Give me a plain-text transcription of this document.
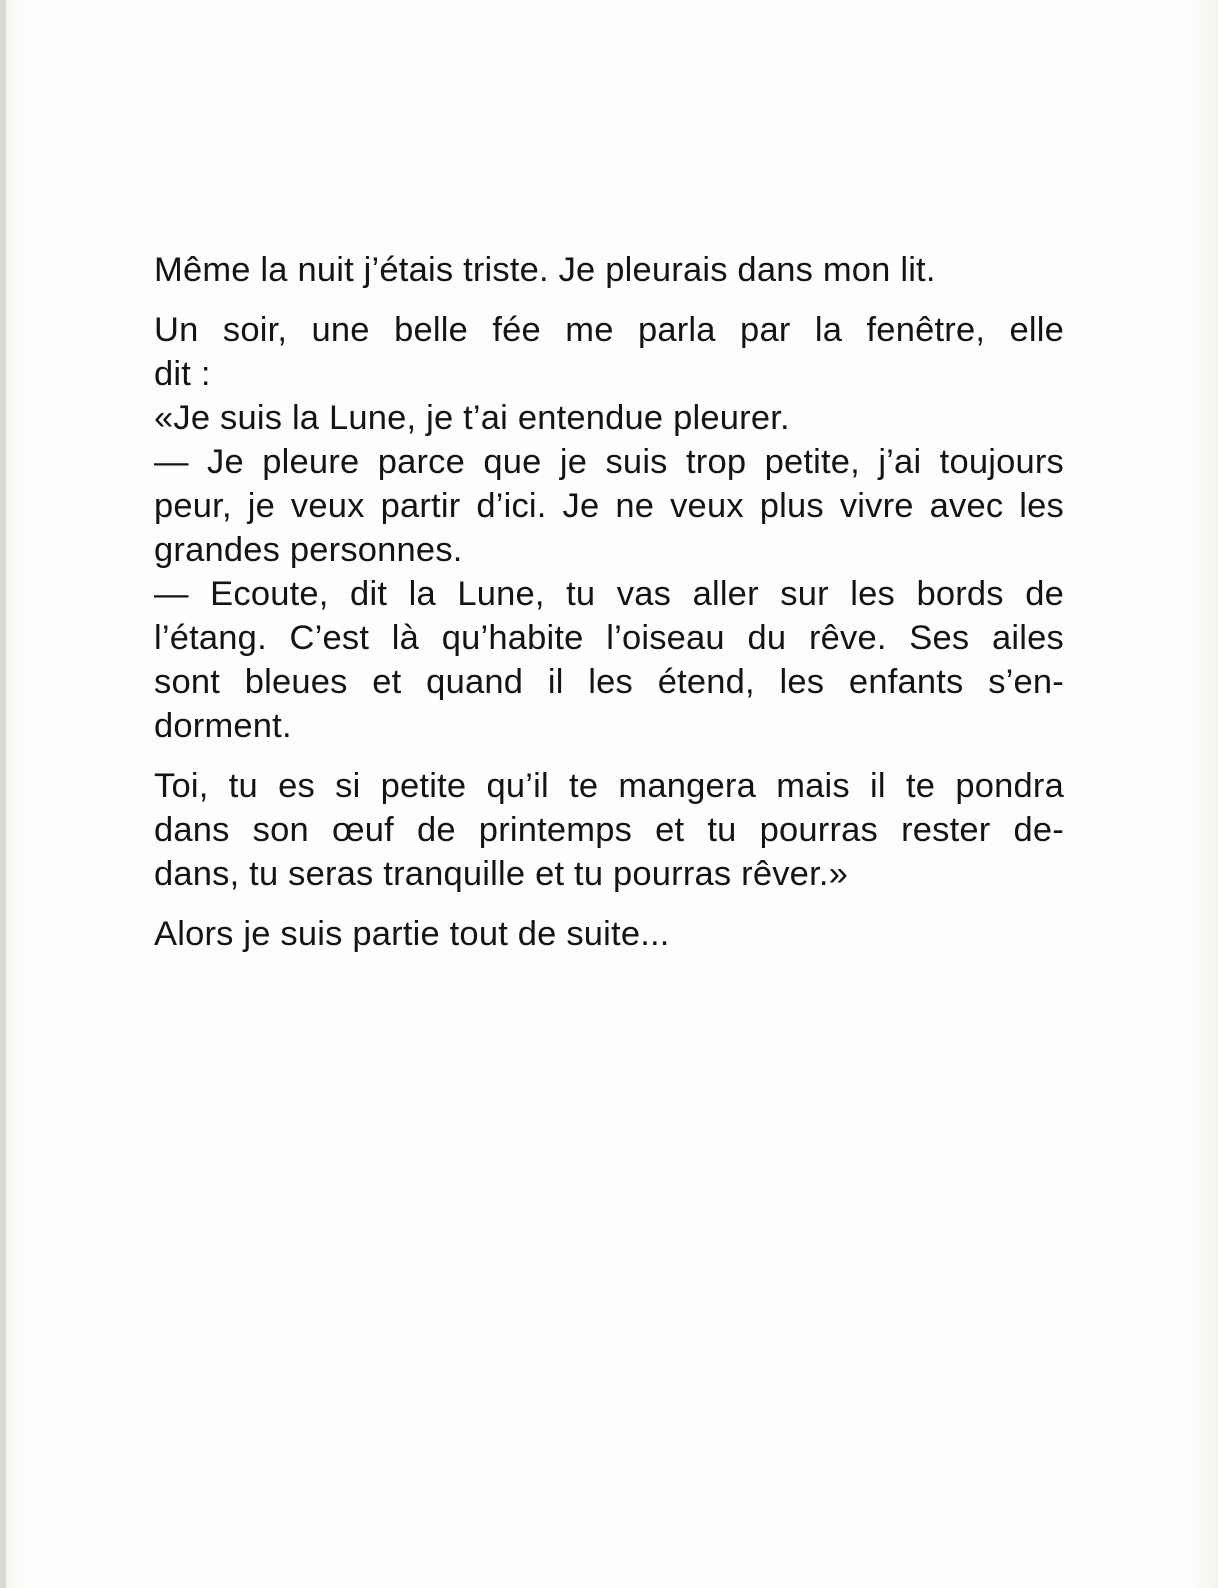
Même la nuit j’étais triste. Je pleurais dans mon lit.

Un soir, une belle fée me parla par la fenêtre, elle
dit :
«Je suis la Lune, je t’ai entendue pleurer.
— Je pleure parce que je suis trop petite, j’ai toujours
peur, je veux partir d’ici. Je ne veux plus vivre avec les
grandes personnes.
— Ecoute, dit la Lune, tu vas aller sur les bords de
l’étang. C’est là qu’habite l’oiseau du rêve. Ses ailes
sont bleues et quand il les étend, les enfants s’en-
dorment.

Toi, tu es si petite qu’il te mangera mais il te pondra
dans son œuf de printemps et tu pourras rester de-
dans, tu seras tranquille et tu pourras rêver.»

Alors je suis partie tout de suite...
